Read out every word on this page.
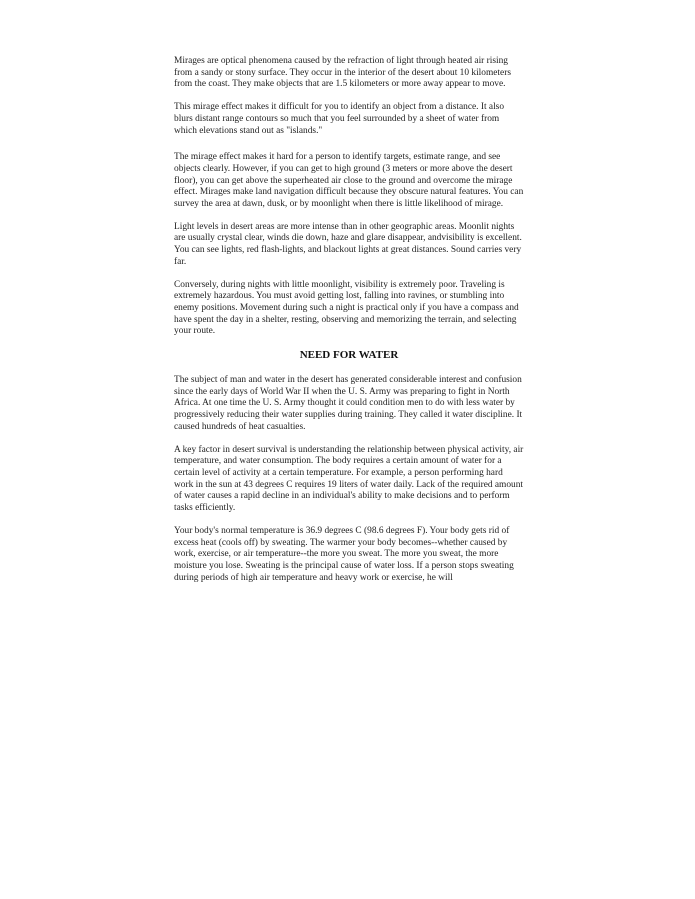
Mirages are optical phenomena caused by the refraction of light through heated air rising from a sandy or stony surface. They occur in the interior of the desert about 10 kilometers from the coast. They make objects that are 1.5 kilometers or more away appear to move.

This mirage effect makes it difficult for you to identify an object from a distance. It also blurs distant range contours so much that you feel surrounded by a sheet of water from which elevations stand out as "islands."

The mirage effect makes it hard for a person to identify targets, estimate range, and see objects clearly. However, if you can get to high ground (3 meters or more above the desert floor), you can get above the superheated air close to the ground and overcome the mirage effect. Mirages make land navigation difficult because they obscure natural features. You can survey the area at dawn, dusk, or by moonlight when there is little likelihood of mirage.

Light levels in desert areas are more intense than in other geographic areas. Moonlit nights are usually crystal clear, winds die down, haze and glare disappear, andvisibility is excellent. You can see lights, red flash-lights, and blackout lights at great distances. Sound carries very far.

Conversely, during nights with little moonlight, visibility is extremely poor. Traveling is extremely hazardous. You must avoid getting lost, falling into ravines, or stumbling into enemy positions. Movement during such a night is practical only if you have a compass and have spent the day in a shelter, resting, observing and memorizing the terrain, and selecting your route.

NEED FOR WATER

The subject of man and water in the desert has generated considerable interest and confusion since the early days of World War II when the U. S. Army was preparing to fight in North Africa. At one time the U. S. Army thought it could condition men to do with less water by progressively reducing their water supplies during training. They called it water discipline. It caused hundreds of heat casualties.

A key factor in desert survival is understanding the relationship between physical activity, air temperature, and water consumption. The body requires a certain amount of water for a certain level of activity at a certain temperature. For example, a person performing hard work in the sun at 43 degrees C requires 19 liters of water daily. Lack of the required amount of water causes a rapid decline in an individual's ability to make decisions and to perform tasks efficiently.

Your body's normal temperature is 36.9 degrees C (98.6 degrees F). Your body gets rid of excess heat (cools off) by sweating. The warmer your body becomes--whether caused by work, exercise, or air temperature--the more you sweat. The more you sweat, the more moisture you lose. Sweating is the principal cause of water loss. If a person stops sweating during periods of high air temperature and heavy work or exercise, he will
